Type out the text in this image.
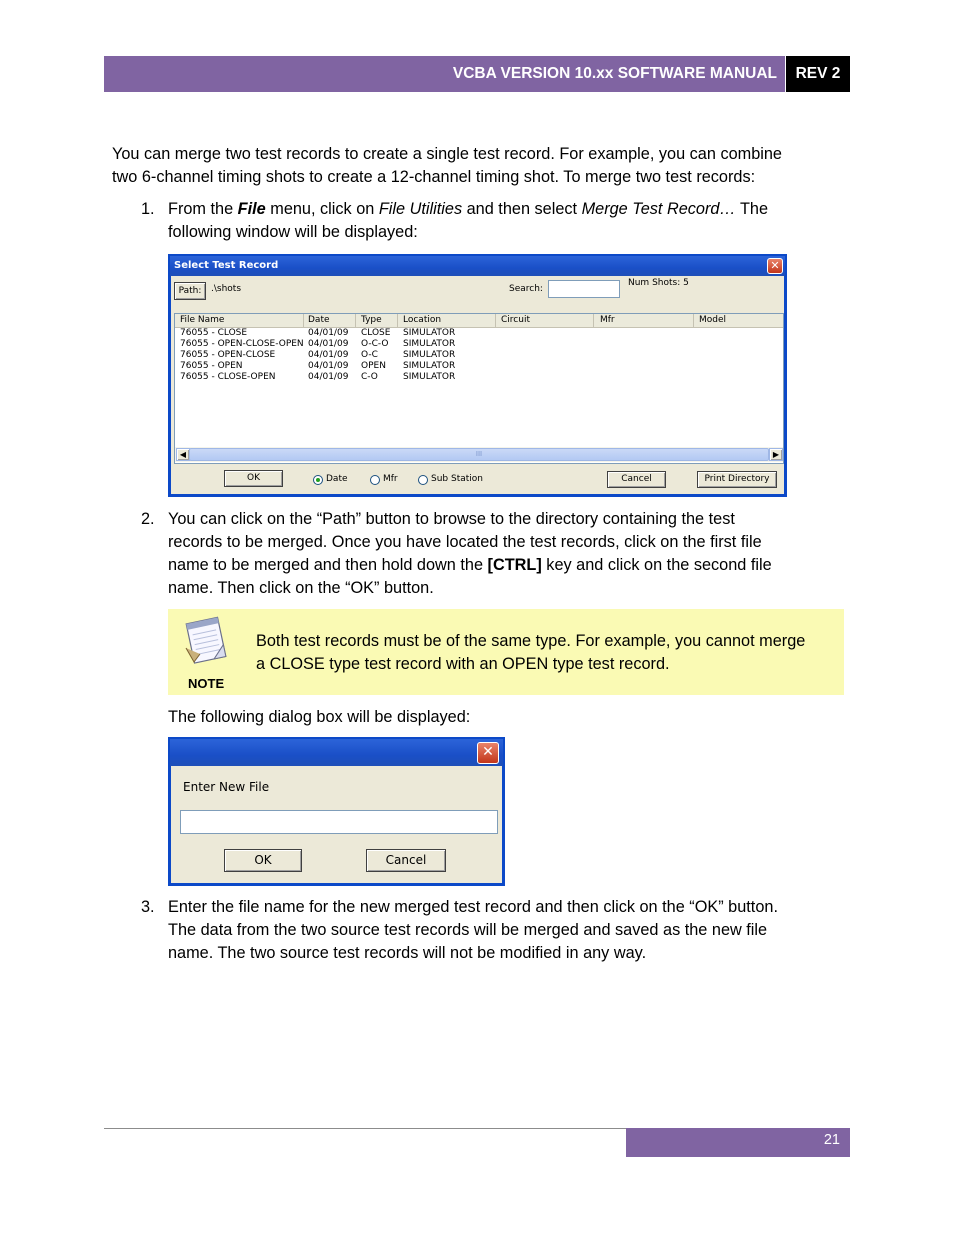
VCBA VERSION 10.xx SOFTWARE MANUAL	REV 2
You can merge two test records to create a single test record. For example, you can combine
two 6-channel timing shots to create a 12-channel timing shot. To merge two test records:
1. From the File menu, click on File Utilities and then select Merge Test Record… The
following window will be displayed:
Select Test Record	✕
Path:	.\shots	Search:
Num Shots: 5
File Name	Date	Type Location	Circuit	Mfr	Model
76055 - CLOSE	04/01/09 CLOSE SIMULATOR
76055 - OPEN-CLOSE-OPEN 04/01/09 O-C-O SIMULATOR
76055 - OPEN-CLOSE	04/01/09 O-C	SIMULATOR
76055 - OPEN	04/01/09 OPEN SIMULATOR
76055 - CLOSE-OPEN	04/01/09 C-O	SIMULATOR
◀	III	▶
OK	Date	Mfr	Sub Station	Cancel	Print Directory
2. You can click on the “Path” button to browse to the directory containing the test
records to be merged. Once you have located the test records, click on the first file
name to be merged and then hold down the [CTRL] key and click on the second file
name. Then click on the “OK” button.
NOTE
Both test records must be of the same type. For example, you cannot merge
a CLOSE type test record with an OPEN type test record.
The following dialog box will be displayed:
✕
Enter New File
OK	Cancel
3. Enter the file name for the new merged test record and then click on the “OK” button.
The data from the two source test records will be merged and saved as the new file
name. The two source test records will not be modified in any way.
21
